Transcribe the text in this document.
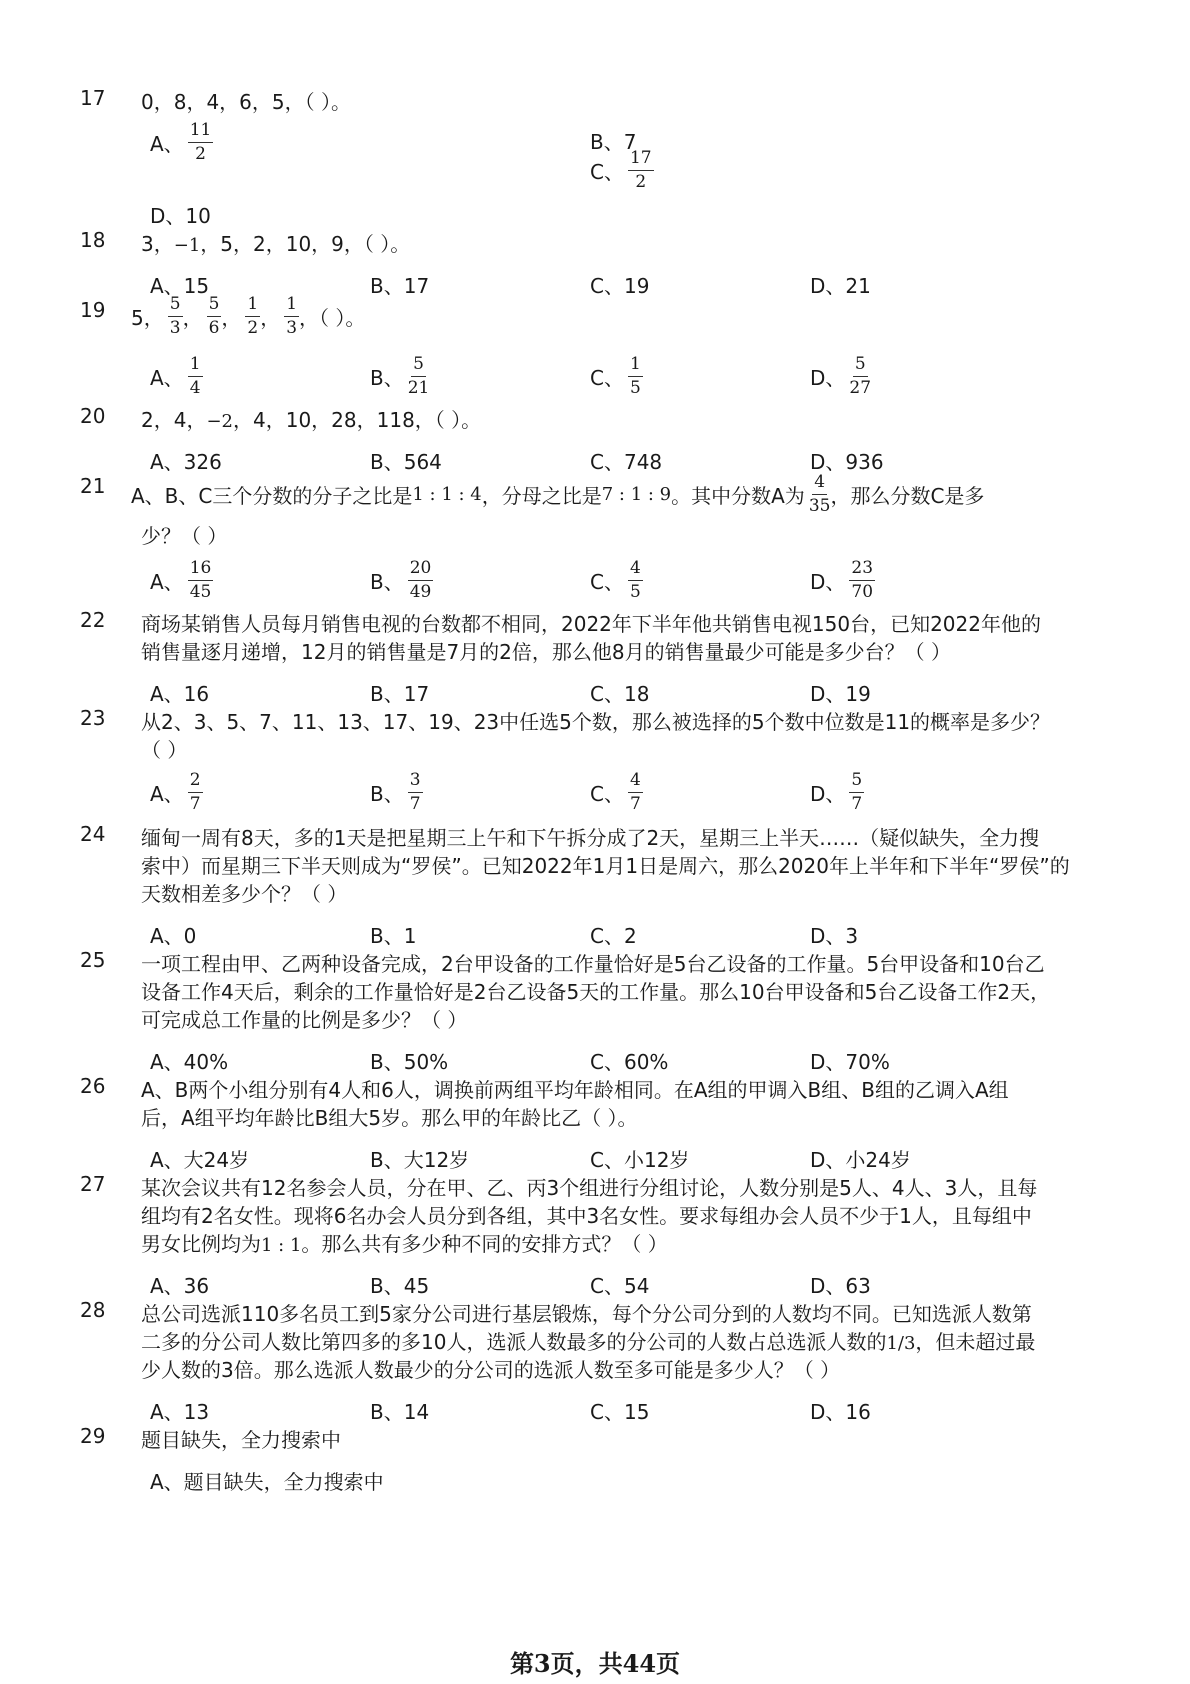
17	0，8，4，6，5，（ ）。
A、 $\frac{11}{2}$	B、7
C、 $\frac{17}{2}$
D、10
18	3，−1，5，2，10，9，（ ）。
A、15	B、17	C、19	D、21
19	5， $\frac{5}{3}$ ， $\frac{5}{6}$ ， $\frac{1}{2}$ ， $\frac{1}{3}$ ，（ ）。
A、 $\frac{1}{4}$	B、 $\frac{5}{21}$	C、 $\frac{1}{5}$	D、 $\frac{5}{27}$
20	2，4，−2，4，10，28，118，（ ）。
A、326	B、564	C、748	D、936
21	A、B、C三个分数的分子之比是 1 : 1 : 4 ，分母之比是 7 : 1 : 9 。其中分数A为 $\frac{4}{35}$ ，那么分数C是多
少？（ ）
A、 $\frac{16}{45}$	B、 $\frac{20}{49}$	C、 $\frac{4}{5}$	D、 $\frac{23}{70}$
22	商场某销售人员每月销售电视的台数都不相同，2022年下半年他共销售电视150台，已知2022年他的
销售量逐月递增，12月的销售量是7月的2倍，那么他8月的销售量最少可能是多少台？（ ）
A、16	B、17	C、18	D、19
23	从2、3、5、7、11、13、17、19、23中任选5个数，那么被选择的5个数中位数是11的概率是多少？
（ ）
A、 $\frac{2}{7}$	B、 $\frac{3}{7}$	C、 $\frac{4}{7}$	D、 $\frac{5}{7}$
24	缅甸一周有8天，多的1天是把星期三上午和下午拆分成了2天，星期三上半天……（疑似缺失，全力搜
索中）而星期三下半天则成为“罗侯”。已知2022年1月1日是周六，那么2020年上半年和下半年“罗侯”的
天数相差多少个？（ ）
A、0	B、1	C、2	D、3
25	一项工程由甲、乙两种设备完成，2台甲设备的工作量恰好是5台乙设备的工作量。5台甲设备和10台乙
设备工作4天后，剩余的工作量恰好是2台乙设备5天的工作量。那么10台甲设备和5台乙设备工作2天，
可完成总工作量的比例是多少？（ ）
A、40%	B、50%	C、60%	D、70%
26	A、B两个小组分别有4人和6人，调换前两组平均年龄相同。在A组的甲调入B组、B组的乙调入A组
后，A组平均年龄比B组大5岁。那么甲的年龄比乙（ ）。
A、大24岁	B、大12岁	C、小12岁	D、小24岁
27	某次会议共有12名参会人员，分在甲、乙、丙3个组进行分组讨论，人数分别是5人、4人、3人，且每
组均有2名女性。现将6名办会人员分到各组，其中3名女性。要求每组办会人员不少于1人，且每组中
男女比例均为1 : 1。那么共有多少种不同的安排方式？（ ）
A、36	B、45	C、54	D、63
28	总公司选派110多名员工到5家分公司进行基层锻炼，每个分公司分到的人数均不同。已知选派人数第
二多的分公司人数比第四多的多10人，选派人数最多的分公司的人数占总选派人数的1/3，但未超过最
少人数的3倍。那么选派人数最少的分公司的选派人数至多可能是多少人？（ ）
A、13	B、14	C、15	D、16
29	题目缺失，全力搜索中
A、题目缺失，全力搜索中
第3页，共44页
